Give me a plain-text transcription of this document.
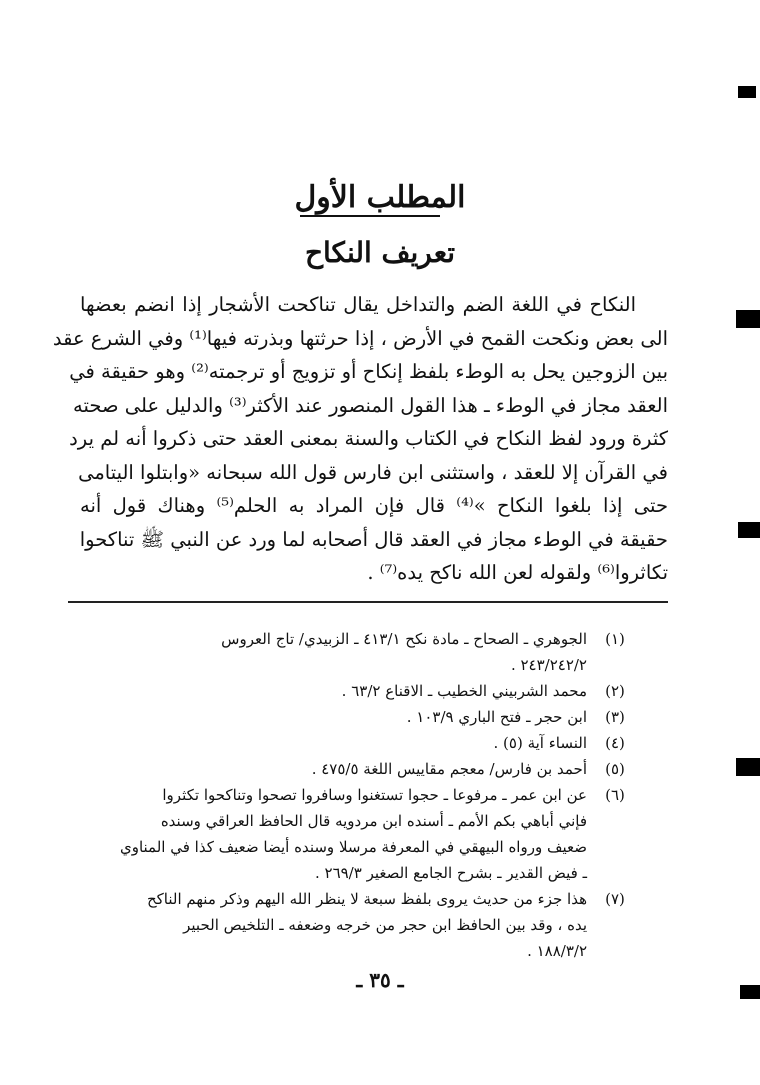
المطلب الأول
تعريف النكاح
النكاح في اللغة الضم والتداخل يقال تناكحت الأشجار إذا انضم بعضها
الى بعض ونكحت القمح في الأرض ، إذا حرثتها وبذرته فيها⁽¹⁾ وفي الشرع عقد
بين الزوجين يحل به الوطء بلفظ إنكاح أو تزويج أو ترجمته⁽²⁾ وهو حقيقة في
العقد مجاز في الوطء ـ هذا القول المنصور عند الأكثر⁽³⁾ والدليل على صحته
كثرة ورود لفظ النكاح في الكتاب والسنة بمعنى العقد حتى ذكروا أنه لم يرد
في القرآن إلا للعقد ، واستثنى ابن فارس قول الله سبحانه «وابتلوا اليتامى
حتى إذا بلغوا النكاح »⁽⁴⁾ قال فإن المراد به الحلم⁽⁵⁾ وهناك قول أنه
حقيقة في الوطء مجاز في العقد قال أصحابه لما ورد عن النبي ﷺ تناكحوا
تكاثروا⁽⁶⁾ ولقوله لعن الله ناكح يده⁽⁷⁾ .
(١)
الجوهري ـ الصحاح ـ مادة نكح ٤١٣/١ ـ الزبيدي/ تاج العروس
٢٤٣/٢٤٢/٢ .
(٢)
محمد الشربيني الخطيب ـ الاقناع ٦٣/٢ .
(٣)
ابن حجر ـ فتح الباري ١٠٣/٩ .
(٤)
النساء آية (٥) .
(٥)
أحمد بن فارس/ معجم مقاييس اللغة ٤٧٥/٥ .
(٦)
عن ابن عمر ـ مرفوعا ـ حجوا تستغنوا وسافروا تصحوا وتناكحوا تكثروا
فإني أباهي بكم الأمم ـ أسنده ابن مردويه قال الحافظ العراقي وسنده
ضعيف ورواه البيهقي في المعرفة مرسلا وسنده أيضا ضعيف كذا في المناوي
ـ فيض القدير ـ بشرح الجامع الصغير ٢٦٩/٣ .
(٧)
هذا جزء من حديث يروى بلفظ سبعة لا ينظر الله اليهم وذكر منهم الناكح
يده ، وقد بين الحافظ ابن حجر من خرجه وضعفه ـ التلخيص الحبير
١٨٨/٣/٢ .
ـ ٣٥ ـ
